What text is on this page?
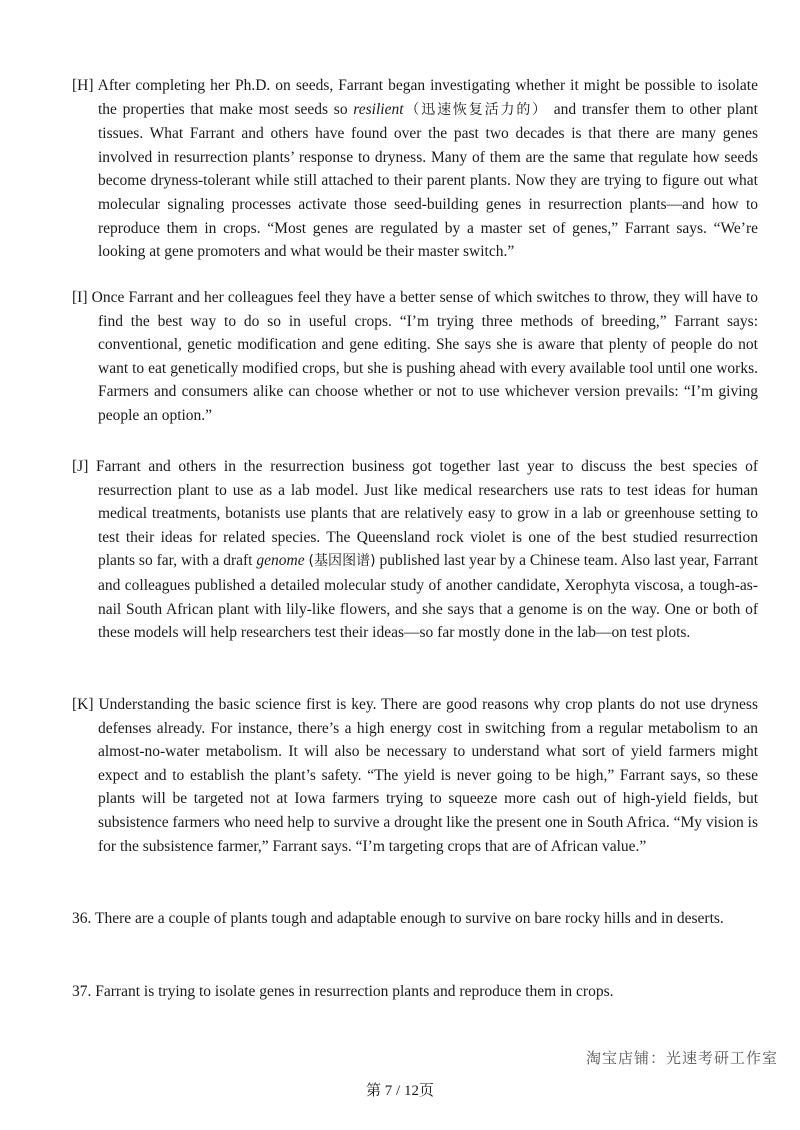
[H] After completing her Ph.D. on seeds, Farrant began investigating whether it might be possible to isolate the properties that make most seeds so resilient（迅速恢复活力的） and transfer them to other plant tissues. What Farrant and others have found over the past two decades is that there are many genes involved in resurrection plants’ response to dryness. Many of them are the same that regulate how seeds become dryness-tolerant while still attached to their parent plants. Now they are trying to figure out what molecular signaling processes activate those seed-building genes in resurrection plants—and how to reproduce them in crops. “Most genes are regulated by a master set of genes,” Farrant says. “We’re looking at gene promoters and what would be their master switch.”

[I] Once Farrant and her colleagues feel they have a better sense of which switches to throw, they will have to find the best way to do so in useful crops. “I’m trying three methods of breeding,” Farrant says: conventional, genetic modification and gene editing. She says she is aware that plenty of people do not want to eat genetically modified crops, but she is pushing ahead with every available tool until one works. Farmers and consumers alike can choose whether or not to use whichever version prevails: “I’m giving people an option.”

[J] Farrant and others in the resurrection business got together last year to discuss the best species of resurrection plant to use as a lab model. Just like medical researchers use rats to test ideas for human medical treatments, botanists use plants that are relatively easy to grow in a lab or greenhouse setting to test their ideas for related species. The Queensland rock violet is one of the best studied resurrection plants so far, with a draft genome (基因图谱) published last year by a Chinese team. Also last year, Farrant and colleagues published a detailed molecular study of another candidate, Xerophyta viscosa, a tough-as-nail South African plant with lily-like flowers, and she says that a genome is on the way. One or both of these models will help researchers test their ideas—so far mostly done in the lab—on test plots.

[K] Understanding the basic science first is key. There are good reasons why crop plants do not use dryness defenses already. For instance, there’s a high energy cost in switching from a regular metabolism to an almost-no-water metabolism. It will also be necessary to understand what sort of yield farmers might expect and to establish the plant’s safety. “The yield is never going to be high,” Farrant says, so these plants will be targeted not at Iowa farmers trying to squeeze more cash out of high-yield fields, but subsistence farmers who need help to survive a drought like the present one in South Africa. “My vision is for the subsistence farmer,” Farrant says. “I’m targeting crops that are of African value.”

36. There are a couple of plants tough and adaptable enough to survive on bare rocky hills and in deserts.

37. Farrant is trying to isolate genes in resurrection plants and reproduce them in crops.

淘宝店铺：光速考研工作室

第 7 / 12页
